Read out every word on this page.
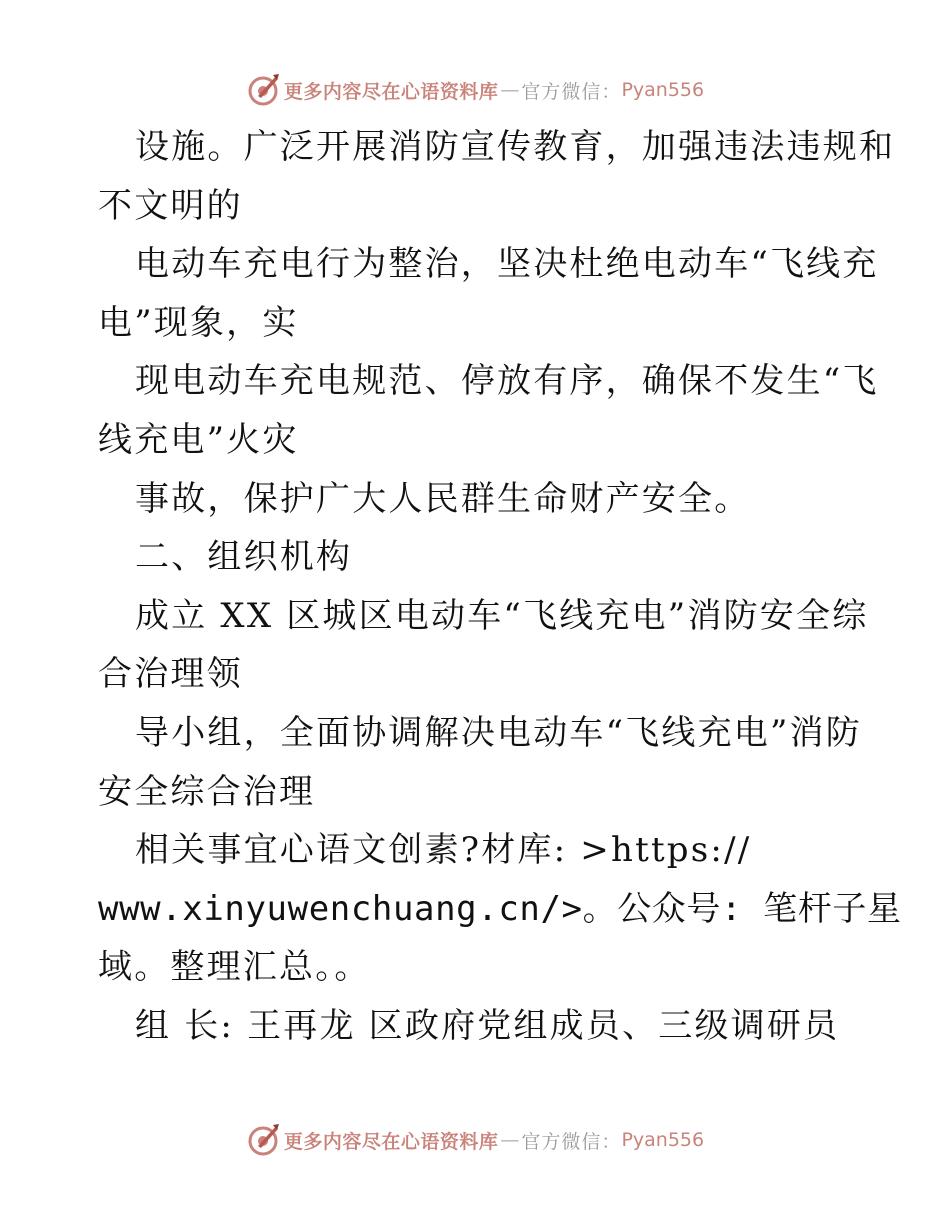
更多内容尽在心语资料库 — 官方微信： Pyan556
设施。广泛开展消防宣传教育，加强违法违规和
不文明的
电动车充电行为整治，坚决杜绝电动车“飞线充
电”现象，实
现电动车充电规范、停放有序，确保不发生“飞
线充电”火灾
事故，保护广大人民群生命财产安全。
二、组织机构
成立 XX 区城区电动车“飞线充电”消防安全综
合治理领
导小组，全面协调解决电动车“飞线充电”消防
安全综合治理
相关事宜心语文创素?材库: >https://
www.xinyuwenchuang.cn/>。公众号: 笔杆子星
域。整理汇总。。
组 长: 王再龙 区政府党组成员、三级调研员
更多内容尽在心语资料库 — 官方微信： Pyan556
